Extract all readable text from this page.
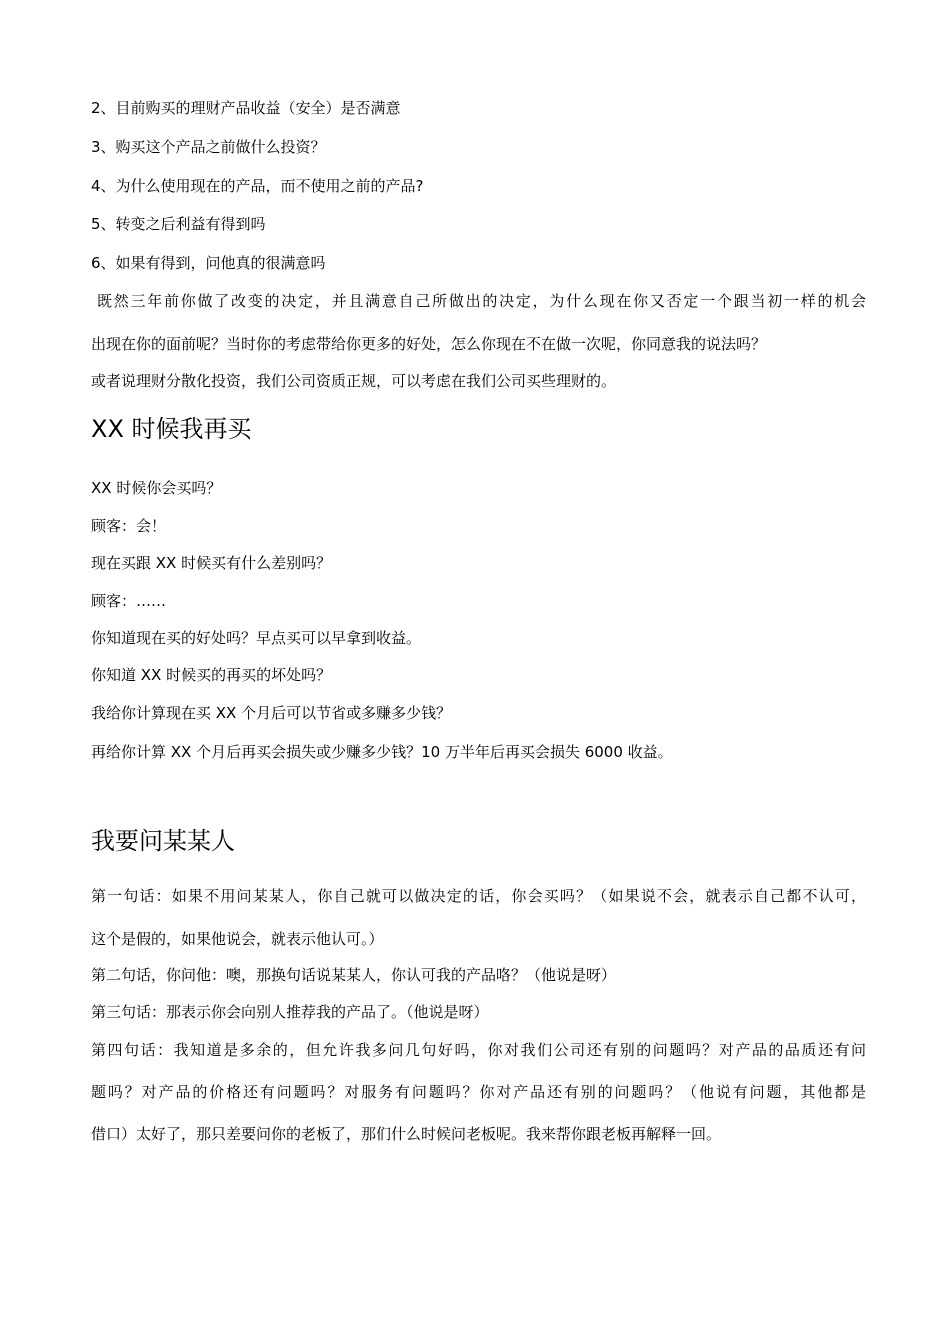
2、目前购买的理财产品收益（安全）是否满意
3、购买这个产品之前做什么投资？
4、为什么使用现在的产品，而不使用之前的产品?
5、转变之后利益有得到吗
6、如果有得到，问他真的很满意吗
既然三年前你做了改变的决定，并且满意自己所做出的决定，为什么现在你又否定一个跟当初一样的机会
出现在你的面前呢？当时你的考虑带给你更多的好处，怎么你现在不在做一次呢，你同意我的说法吗？
或者说理财分散化投资，我们公司资质正规，可以考虑在我们公司买些理财的。
XX 时候我再买
XX 时候你会买吗？
顾客：会！
现在买跟 XX 时候买有什么差别吗？
顾客：……
你知道现在买的好处吗？早点买可以早拿到收益。
你知道 XX 时候买的再买的坏处吗？
我给你计算现在买 XX 个月后可以节省或多赚多少钱？
再给你计算 XX 个月后再买会损失或少赚多少钱？10 万半年后再买会损失 6000 收益。
我要问某某人
第一句话：如果不用问某某人，你自己就可以做决定的话，你会买吗？（如果说不会，就表示自己都不认可，
这个是假的，如果他说会，就表示他认可。）
第二句话，你问他：噢，那换句话说某某人，你认可我的产品咯？（他说是呀）
第三句话：那表示你会向别人推荐我的产品了。（他说是呀）
第四句话：我知道是多余的，但允许我多问几句好吗，你对我们公司还有别的问题吗？对产品的品质还有问
题吗？对产品的价格还有问题吗？对服务有问题吗？你对产品还有别的问题吗？（他说有问题，其他都是
借口）太好了，那只差要问你的老板了，那们什么时候问老板呢。我来帮你跟老板再解释一回。
